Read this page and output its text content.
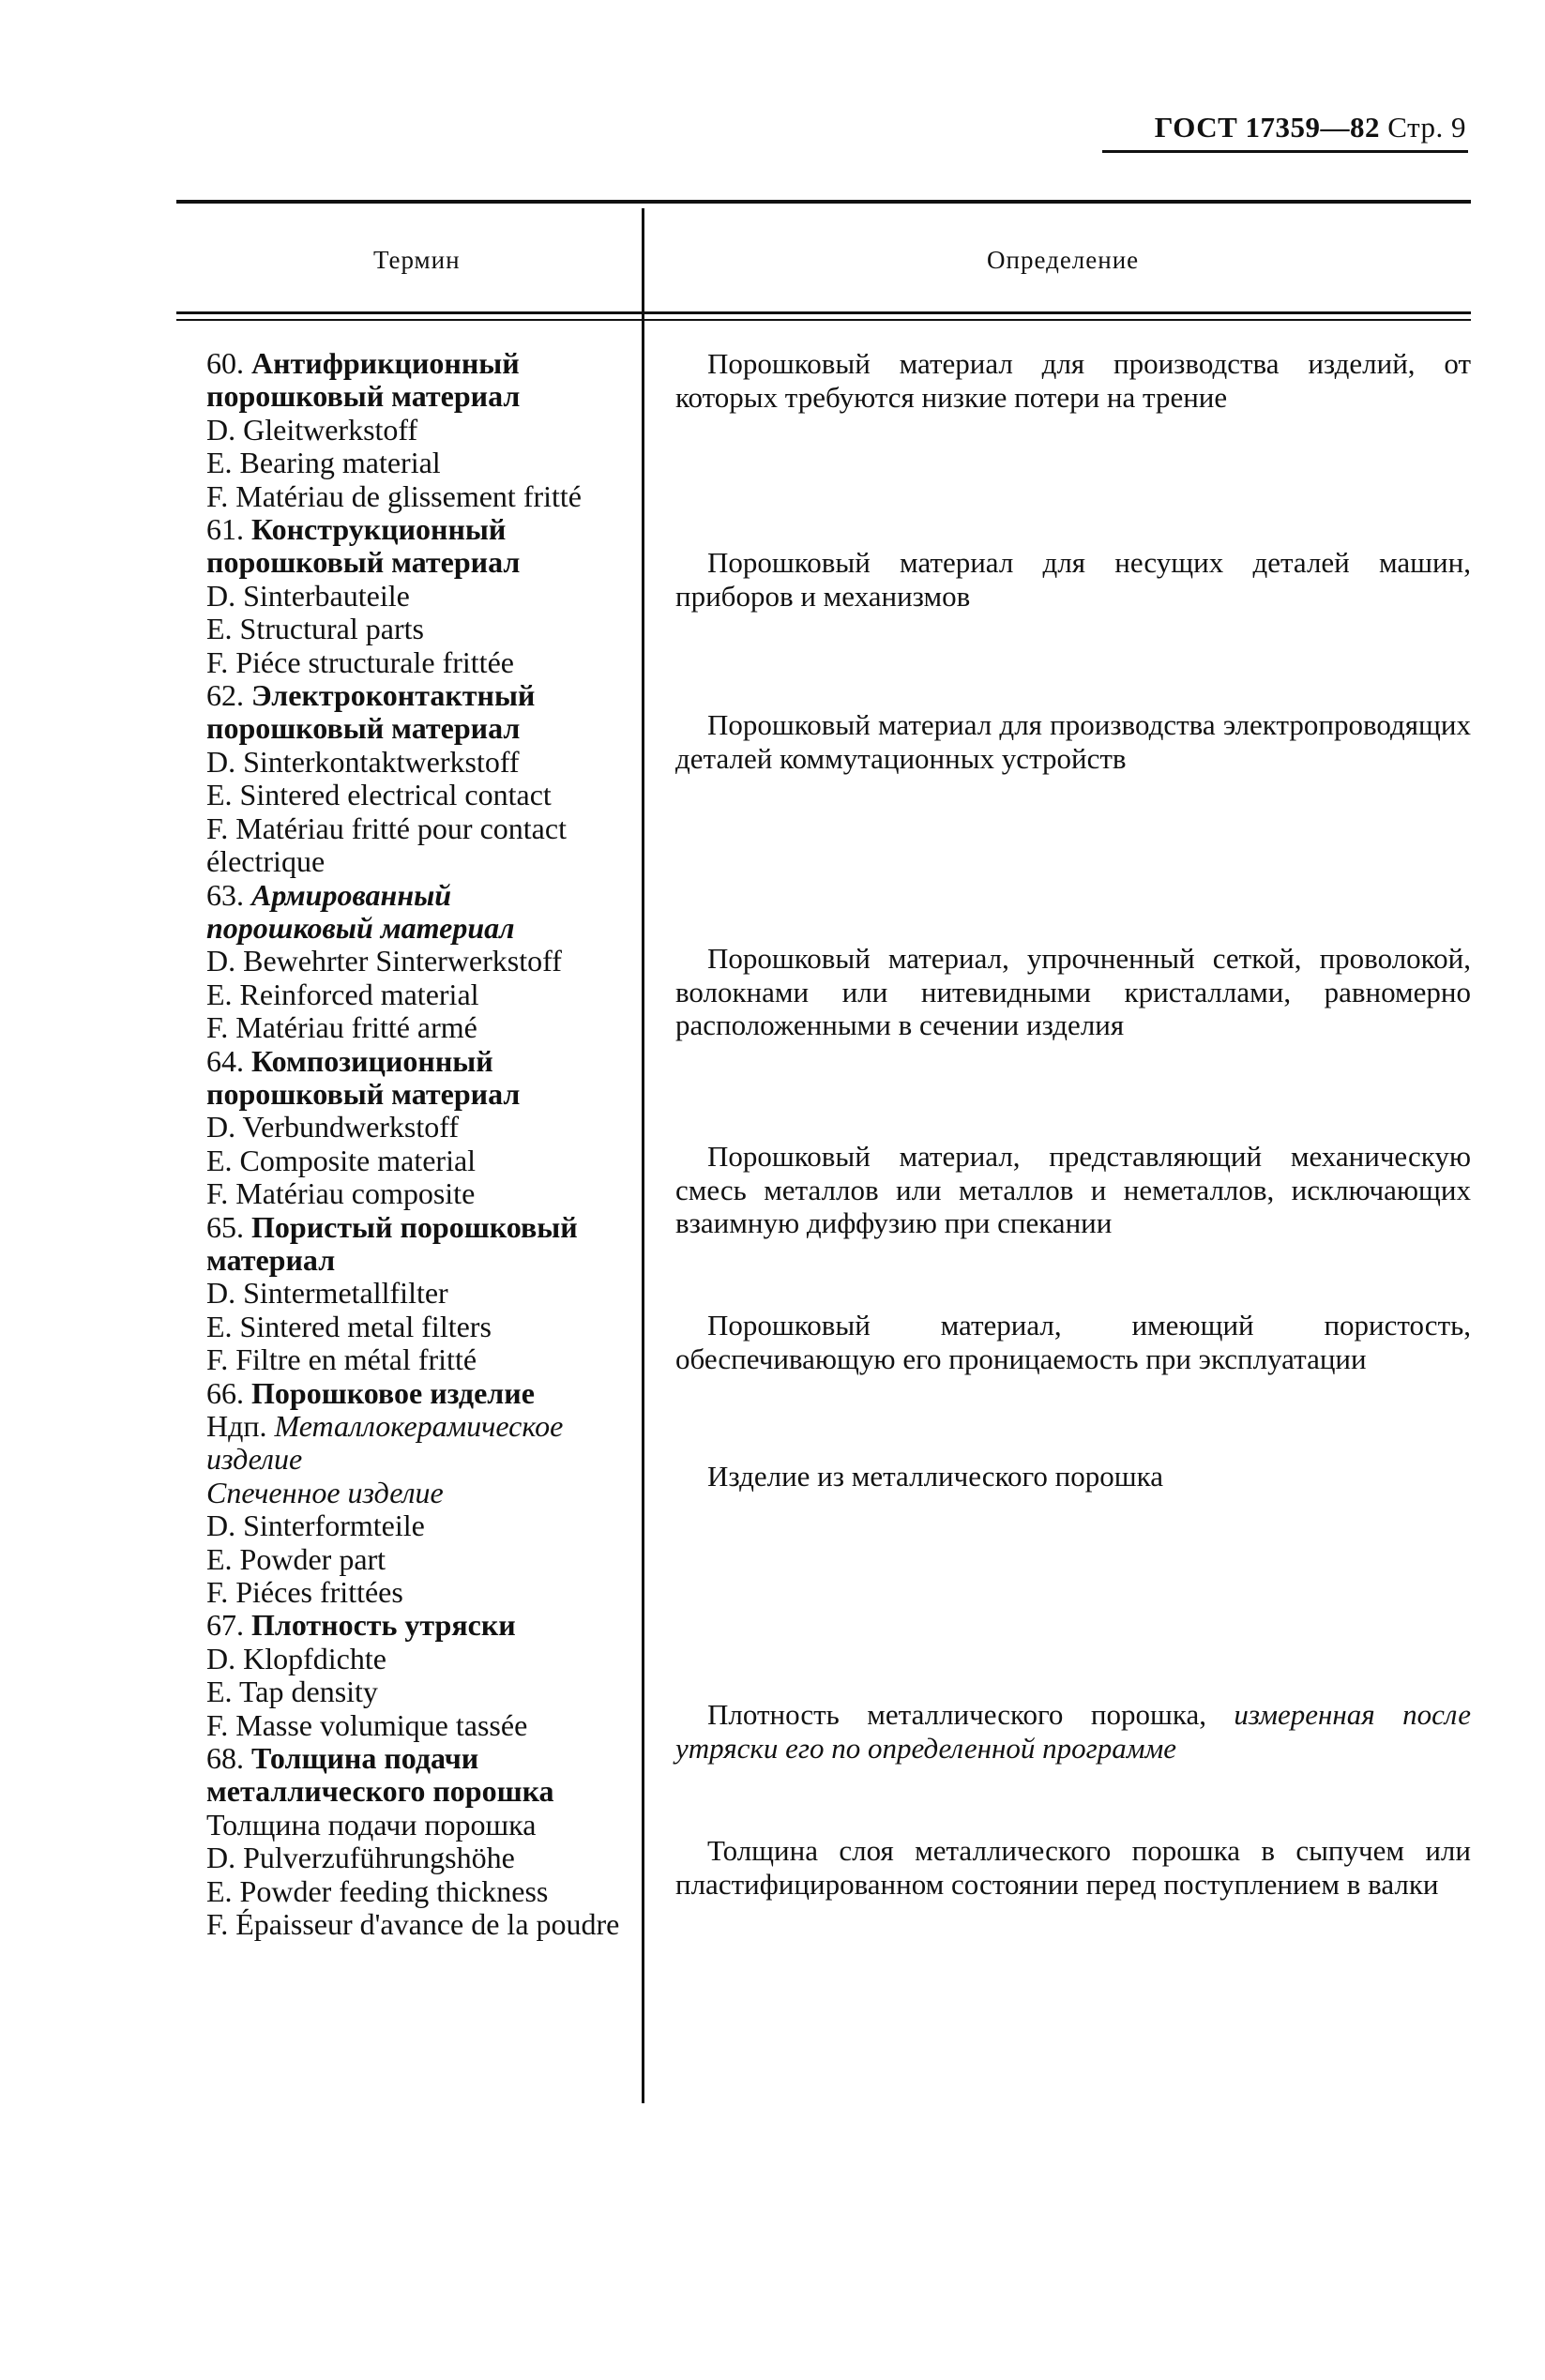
ГОСТ 17359—82 Стр. 9
Термин	Определение
60. Антифрикционный порошковый материал
D. Gleitwerkstoff
E. Bearing material
F. Matériau de glissement fritté
61. Конструкционный порошковый материал
D. Sinterbauteile
E. Structural parts
F. Piéce structurale frittée
62. Электроконтактный порошковый материал
D. Sinterkontaktwerkstoff
E. Sintered electrical contact
F. Matériau fritté pour contact électrique
63. Армированный порошковый материал
D. Bewehrter Sinterwerkstoff
E. Reinforced material
F. Matériau fritté armé
64. Композиционный порошковый материал
D. Verbundwerkstoff
E. Composite material
F. Matériau composite
65. Пористый порошковый материал
D. Sintermetallfilter
E. Sintered metal filters
F. Filtre en métal fritté
66. Порошковое изделие
Ндп. Металлокерамическое изделие
Спеченное изделие
D. Sinterformteile
E. Powder part
F. Piéces frittées
67. Плотность утряски
D. Klopfdichte
E. Tap density
F. Masse volumique tassée
68. Толщина подачи металлического порошка
Толщина подачи порошка
D. Pulverzuführungshöhe
E. Powder feeding thickness
F. Épaisseur d'avance de la poudre
Порошковый материал для производства изделий, от которых требуются низкие потери на трение
Порошковый материал для несущих деталей машин, приборов и механизмов
Порошковый материал для производства электропроводящих деталей коммутационных устройств
Порошковый материал, упрочненный сеткой, проволокой, волокнами или нитевидными кристаллами, равномерно расположенными в сечении изделия
Порошковый материал, представляющий механическую смесь металлов или металлов и неметаллов, исключающих взаимную диффузию при спекании
Порошковый материал, имеющий пористость, обеспечивающую его проницаемость при эксплуатации
Изделие из металлического порошка
Плотность металлического порошка, измеренная после утряски его по определенной программе
Толщина слоя металлического порошка в сыпучем или пластифицированном состоянии перед поступлением в валки
